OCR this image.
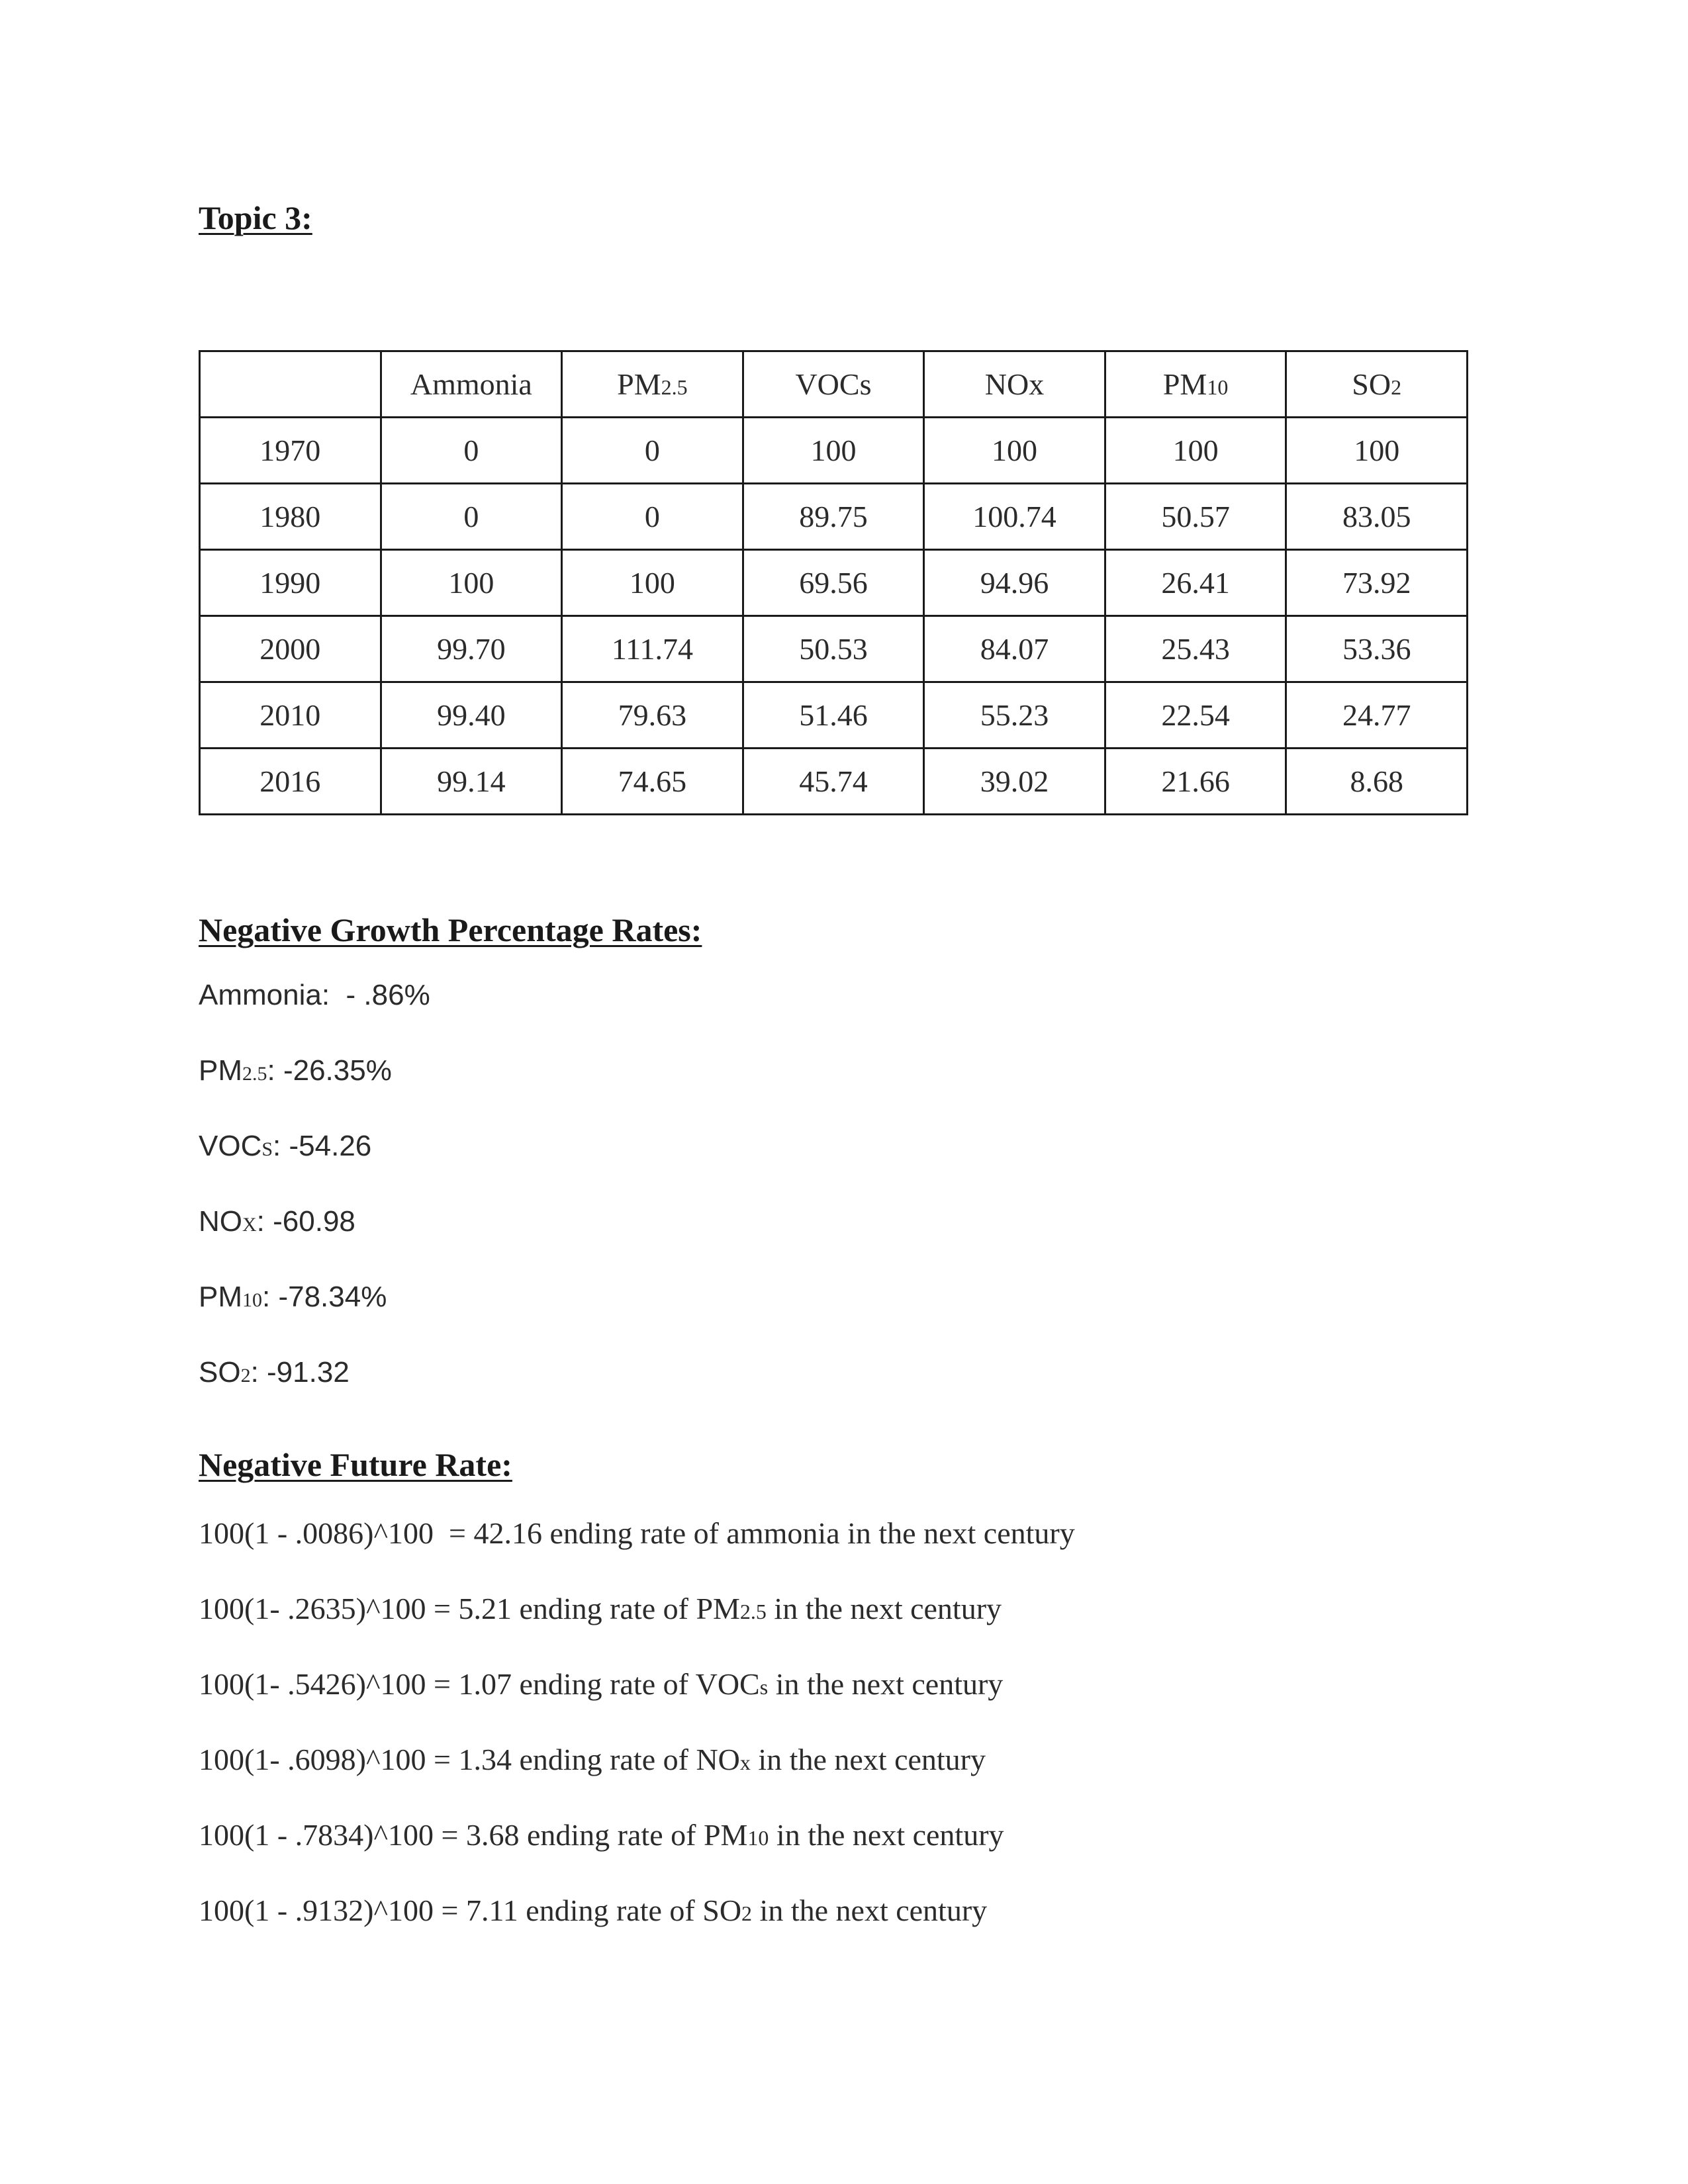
Topic 3:
	Ammonia	PM2.5	VOCs	NOx	PM10	SO2
1970	0	0	100	100	100	100
1980	0	0	89.75	100.74	50.57	83.05
1990	100	100	69.56	94.96	26.41	73.92
2000	99.70	111.74	50.53	84.07	25.43	53.36
2010	99.40	79.63	51.46	55.23	22.54	24.77
2016	99.14	74.65	45.74	39.02	21.66	8.68
Negative Growth Percentage Rates:
Ammonia: - .86%
PM2.5: -26.35%
VOCS: -54.26
NOX: -60.98
PM10: -78.34%
SO2: -91.32
Negative Future Rate:
100(1 - .0086)^100  = 42.16 ending rate of ammonia in the next century
100(1- .2635)^100 = 5.21 ending rate of PM2.5 in the next century
100(1- .5426)^100 = 1.07 ending rate of VOCs in the next century
100(1- .6098)^100 = 1.34 ending rate of NOx in the next century
100(1 - .7834)^100 = 3.68 ending rate of PM10 in the next century
100(1 - .9132)^100 = 7.11 ending rate of SO2 in the next century
